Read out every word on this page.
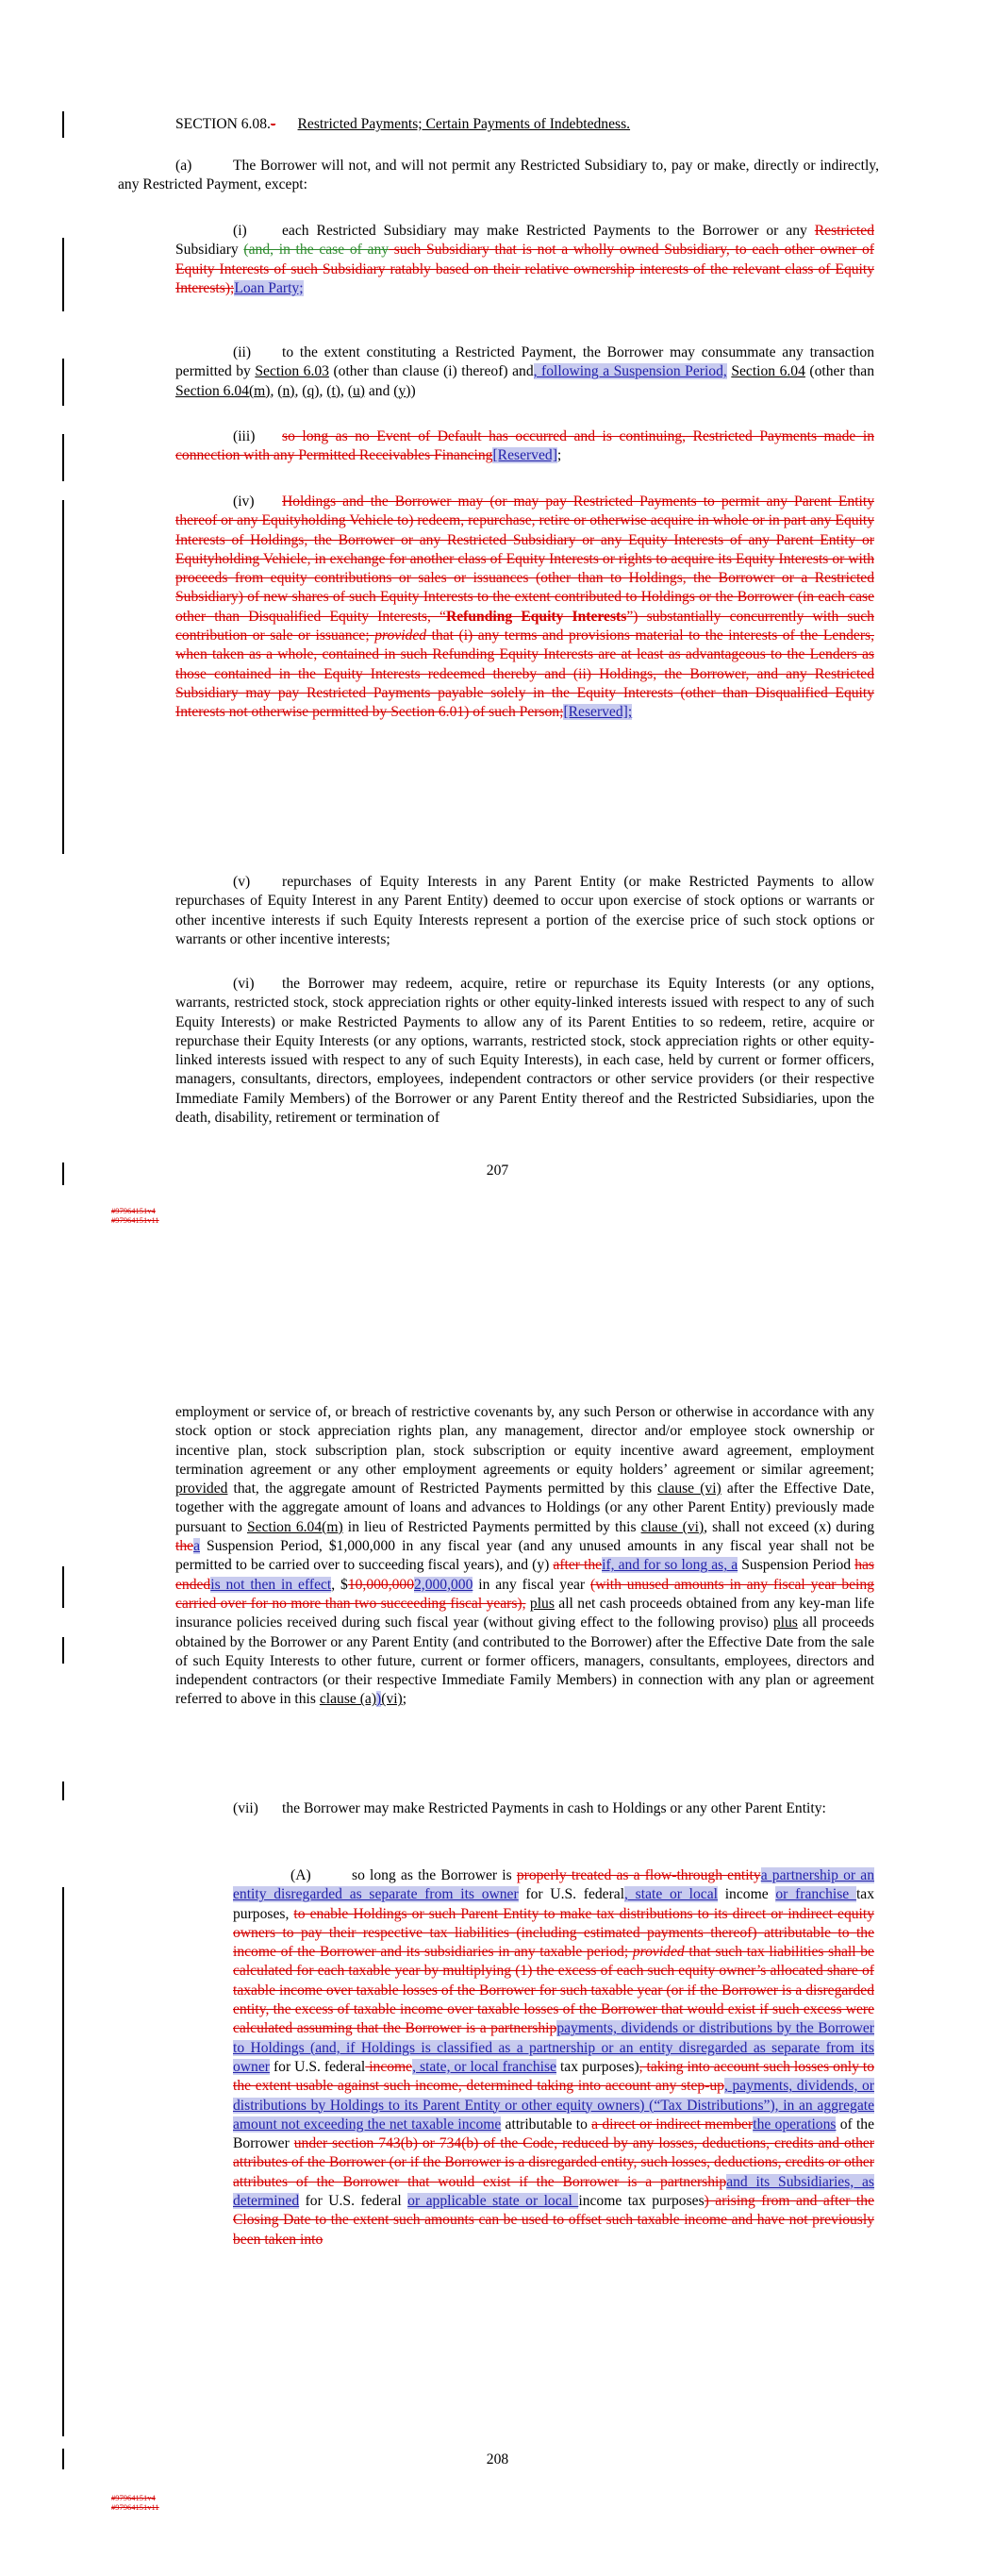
SECTION 6.08.- Restricted Payments; Certain Payments of Indebtedness.

(a)	The Borrower will not, and will not permit any Restricted Subsidiary to, pay or make, directly or indirectly, any Restricted Payment, except:

(i) each Restricted Subsidiary may make Restricted Payments to the Borrower or any Restricted Subsidiary (and, in the case of any such Subsidiary that is not a wholly owned Subsidiary, to each other owner of Equity Interests of such Subsidiary ratably based on their relative ownership interests of the relevant class of Equity Interests);Loan Party;

(ii) to the extent constituting a Restricted Payment, the Borrower may consummate any transaction permitted by Section 6.03 (other than clause (i) thereof) and, following a Suspension Period, Section 6.04 (other than Section 6.04(m), (n), (q), (t), (u) and (y))

(iii) so long as no Event of Default has occurred and is continuing, Restricted Payments made in connection with any Permitted Receivables Financing[Reserved];

(iv) Holdings and the Borrower may (or may pay Restricted Payments to permit any Parent Entity thereof or any Equityholding Vehicle to) redeem, repurchase, retire or otherwise acquire in whole or in part any Equity Interests of Holdings, the Borrower or any Restricted Subsidiary or any Equity Interests of any Parent Entity or Equityholding Vehicle, in exchange for another class of Equity Interests or rights to acquire its Equity Interests or with proceeds from equity contributions or sales or issuances (other than to Holdings, the Borrower or a Restricted Subsidiary) of new shares of such Equity Interests to the extent contributed to Holdings or the Borrower (in each case other than Disqualified Equity Interests, “Refunding Equity Interests”) substantially concurrently with such contribution or sale or issuance; provided that (i) any terms and provisions material to the interests of the Lenders, when taken as a whole, contained in such Refunding Equity Interests are at least as advantageous to the Lenders as those contained in the Equity Interests redeemed thereby and (ii) Holdings, the Borrower, and any Restricted Subsidiary may pay Restricted Payments payable solely in the Equity Interests (other than Disqualified Equity Interests not otherwise permitted by Section 6.01) of such Person;[Reserved];

(v) repurchases of Equity Interests in any Parent Entity (or make Restricted Payments to allow repurchases of Equity Interest in any Parent Entity) deemed to occur upon exercise of stock options or warrants or other incentive interests if such Equity Interests represent a portion of the exercise price of such stock options or warrants or other incentive interests;

(vi) the Borrower may redeem, acquire, retire or repurchase its Equity Interests (or any options, warrants, restricted stock, stock appreciation rights or other equity-linked interests issued with respect to any of such Equity Interests) or make Restricted Payments to allow any of its Parent Entities to so redeem, retire, acquire or repurchase their Equity Interests (or any options, warrants, restricted stock, stock appreciation rights or other equity-linked interests issued with respect to any of such Equity Interests), in each case, held by current or former officers, managers, consultants, directors, employees, independent contractors or other service providers (or their respective Immediate Family Members) of the Borrower or any Parent Entity thereof and the Restricted Subsidiaries, upon the death, disability, retirement or termination of

207
#97964151v4
#97964151v11

employment or service of, or breach of restrictive covenants by, any such Person or otherwise in accordance with any stock option or stock appreciation rights plan, any management, director and/or employee stock ownership or incentive plan, stock subscription plan, stock subscription or equity incentive award agreement, employment termination agreement or any other employment agreements or equity holders’ agreement or similar agreement; provided that, the aggregate amount of Restricted Payments permitted by this clause (vi) after the Effective Date, together with the aggregate amount of loans and advances to Holdings (or any other Parent Entity) previously made pursuant to Section 6.04(m) in lieu of Restricted Payments permitted by this clause (vi), shall not exceed (x) during thea Suspension Period, $1,000,000 in any fiscal year (and any unused amounts in any fiscal year shall not be permitted to be carried over to succeeding fiscal years), and (y) after theif, and for so long as, a Suspension Period has endedis not then in effect, $10,000,0002,000,000 in any fiscal year (with unused amounts in any fiscal year being carried over for no more than two succeeding fiscal years), plus all net cash proceeds obtained from any key-man life insurance policies received during such fiscal year (without giving effect to the following proviso) plus all proceeds obtained by the Borrower or any Parent Entity (and contributed to the Borrower) after the Effective Date from the sale of such Equity Interests to other future, current or former officers, managers, consultants, employees, directors and independent contractors (or their respective Immediate Family Members) in connection with any plan or agreement referred to above in this clause (a))(vi);

(vii) the Borrower may make Restricted Payments in cash to Holdings or any other Parent Entity:

(A)	so long as the Borrower is properly treated as a flow-through entitya partnership or an entity disregarded as separate from its owner for U.S. federal, state or local income or franchise tax purposes, to enable Holdings or such Parent Entity to make tax distributions to its direct or indirect equity owners to pay their respective tax liabilities (including estimated payments thereof) attributable to the income of the Borrower and its subsidiaries in any taxable period; provided that such tax liabilities shall be calculated for each taxable year by multiplying (1) the excess of each such equity owner’s allocated share of taxable income over taxable losses of the Borrower for such taxable year (or if the Borrower is a disregarded entity, the excess of taxable income over taxable losses of the Borrower that would exist if such excess were calculated assuming that the Borrower is a partnershippayments, dividends or distributions by the Borrower to Holdings (and, if Holdings is classified as a partnership or an entity disregarded as separate from its owner for U.S. federal income, state, or local franchise tax purposes), taking into account such losses only to the extent usable against such income, determined taking into account any step-up, payments, dividends, or distributions by Holdings to its Parent Entity or other equity owners) (“Tax Distributions”), in an aggregate amount not exceeding the net taxable income attributable to a direct or indirect memberthe operations of the Borrower under section 743(b) or 734(b) of the Code, reduced by any losses, deductions, credits and other attributes of the Borrower (or if the Borrower is a disregarded entity, such losses, deductions, credits or other attributes of the Borrower that would exist if the Borrower is a partnershipand its Subsidiaries, as determined for U.S. federal or applicable state or local income tax purposes) arising from and after the Closing Date to the extent such amounts can be used to offset such taxable income and have not previously been taken into

208
#97964151v4
#97964151v11
